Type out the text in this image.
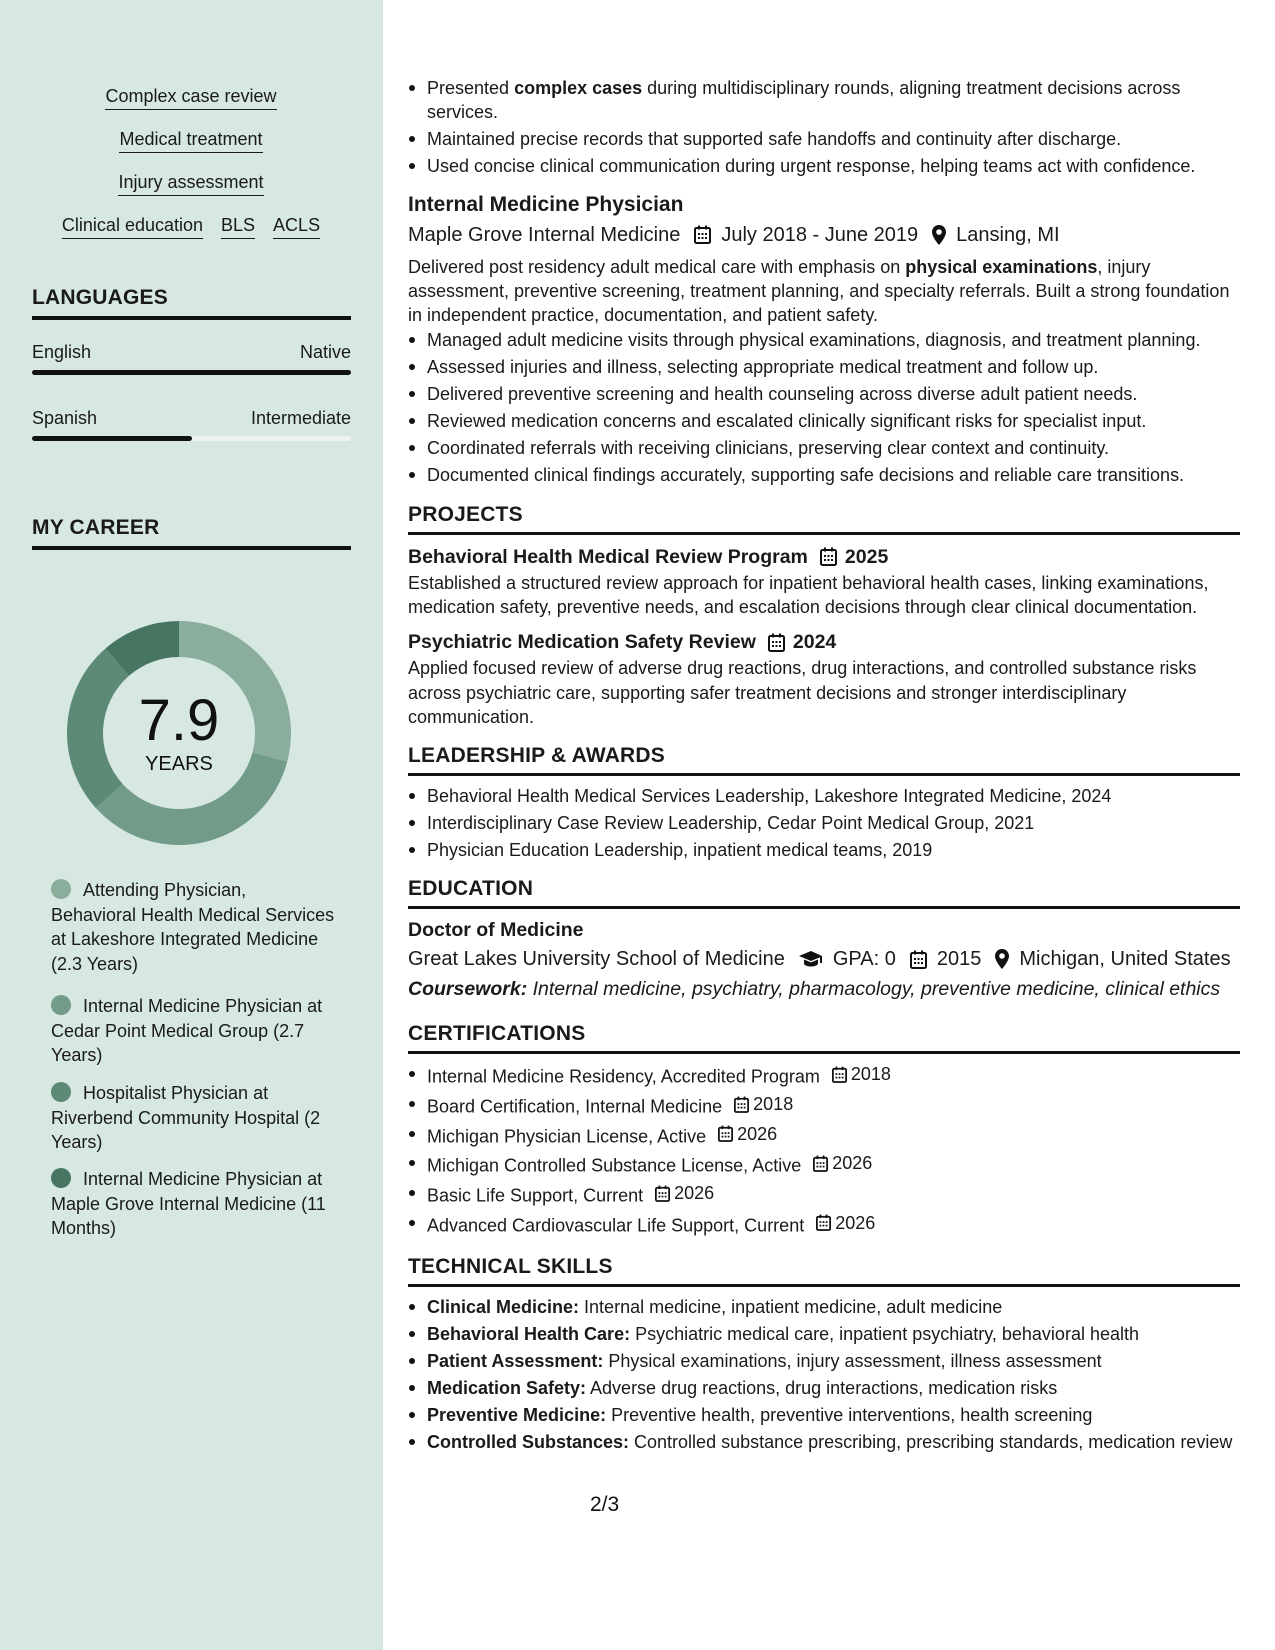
Complex case review
Medical treatment
Injury assessment
Clinical education BLS ACLS
LANGUAGES
English	Native
Spanish	Intermediate
MY CAREER
7.9
YEARS
Attending Physician, Behavioral Health Medical Services at Lakeshore Integrated Medicine (2.3 Years)
Internal Medicine Physician at Cedar Point Medical Group (2.7 Years)
Hospitalist Physician at Riverbend Community Hospital (2 Years)
Internal Medicine Physician at Maple Grove Internal Medicine (11 Months)
Presented complex cases during multidisciplinary rounds, aligning treatment decisions across services.
Maintained precise records that supported safe handoffs and continuity after discharge.
Used concise clinical communication during urgent response, helping teams act with confidence.
Internal Medicine Physician
Maple Grove Internal Medicine July 2018 - June 2019 Lansing, MI
Delivered post residency adult medical care with emphasis on physical examinations, injury assessment, preventive screening, treatment planning, and specialty referrals. Built a strong foundation in independent practice, documentation, and patient safety.
Managed adult medicine visits through physical examinations, diagnosis, and treatment planning.
Assessed injuries and illness, selecting appropriate medical treatment and follow up.
Delivered preventive screening and health counseling across diverse adult patient needs.
Reviewed medication concerns and escalated clinically significant risks for specialist input.
Coordinated referrals with receiving clinicians, preserving clear context and continuity.
Documented clinical findings accurately, supporting safe decisions and reliable care transitions.
PROJECTS
Behavioral Health Medical Review Program 2025
Established a structured review approach for inpatient behavioral health cases, linking examinations, medication safety, preventive needs, and escalation decisions through clear clinical documentation.
Psychiatric Medication Safety Review 2024
Applied focused review of adverse drug reactions, drug interactions, and controlled substance risks across psychiatric care, supporting safer treatment decisions and stronger interdisciplinary communication.
LEADERSHIP & AWARDS
Behavioral Health Medical Services Leadership, Lakeshore Integrated Medicine, 2024
Interdisciplinary Case Review Leadership, Cedar Point Medical Group, 2021
Physician Education Leadership, inpatient medical teams, 2019
EDUCATION
Doctor of Medicine
Great Lakes University School of Medicine GPA: 0 2015 Michigan, United States
Coursework: Internal medicine, psychiatry, pharmacology, preventive medicine, clinical ethics
CERTIFICATIONS
Internal Medicine Residency, Accredited Program 2018
Board Certification, Internal Medicine 2018
Michigan Physician License, Active 2026
Michigan Controlled Substance License, Active 2026
Basic Life Support, Current 2026
Advanced Cardiovascular Life Support, Current 2026
TECHNICAL SKILLS
Clinical Medicine: Internal medicine, inpatient medicine, adult medicine
Behavioral Health Care: Psychiatric medical care, inpatient psychiatry, behavioral health
Patient Assessment: Physical examinations, injury assessment, illness assessment
Medication Safety: Adverse drug reactions, drug interactions, medication risks
Preventive Medicine: Preventive health, preventive interventions, health screening
Controlled Substances: Controlled substance prescribing, prescribing standards, medication review
2/3
